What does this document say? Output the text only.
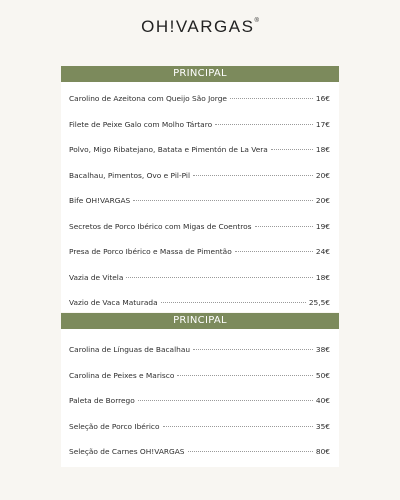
OH!VARGAS®
PRINCIPAL
Carolino de Azeitona com Queijo São Jorge	16€
Filete de Peixe Galo com Molho Tártaro	17€
Polvo, Migo Ribatejano, Batata e Pimentón de La Vera	18€
Bacalhau, Pimentos, Ovo e Pil-Pil	20€
Bife OH!VARGAS	20€
Secretos de Porco Ibérico com Migas de Coentros	19€
Presa de Porco Ibérico e Massa de Pimentão	24€
Vazia de Vitela	18€
Vazio de Vaca Maturada	25,5€
PRINCIPAL
Carolina de Línguas de Bacalhau	38€
Carolina de Peixes e Marisco	50€
Paleta de Borrego	40€
Seleção de Porco Ibérico	35€
Seleção de Carnes OH!VARGAS	80€
